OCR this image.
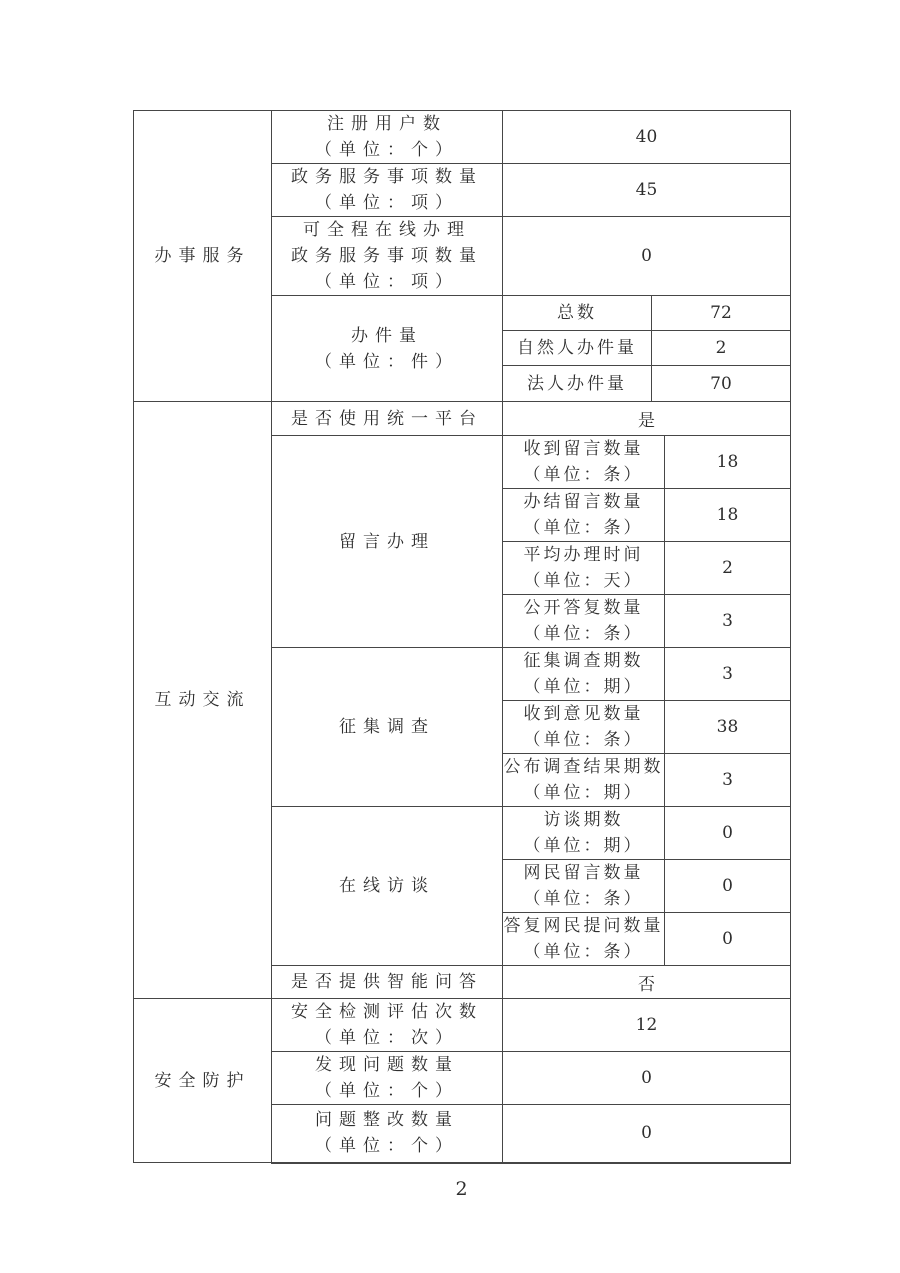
办事服务	注册用户数
（单位：个）	40		

	政务服务事项数量
（单位：项）	45		

	可全程在线办理
政务服务事项数量
（单位：项）	0		

	办件量
（单位：件）	总数	72	

		自然人办件量	2	

		法人办件量	70	

互动交流	是否使用统一平台	是		

	留言办理	收到留言数量
（单位：条）		18

		办结留言数量
（单位：条）		18

		平均办理时间
（单位：天）		2

		公开答复数量
（单位：条）		3

	征集调查	征集调查期数
（单位：期）		3

		收到意见数量
（单位：条）		38

		公布调查结果期数
（单位：期）		3

	在线访谈	访谈期数
（单位：期）		0

		网民留言数量
（单位：条）		0

		答复网民提问数量
（单位：条）		0

	是否提供智能问答	否		

安全防护	安全检测评估次数
（单位：次）	12		

	发现问题数量
（单位：个）	0		

	问题整改数量
（单位：个）	0		
2
